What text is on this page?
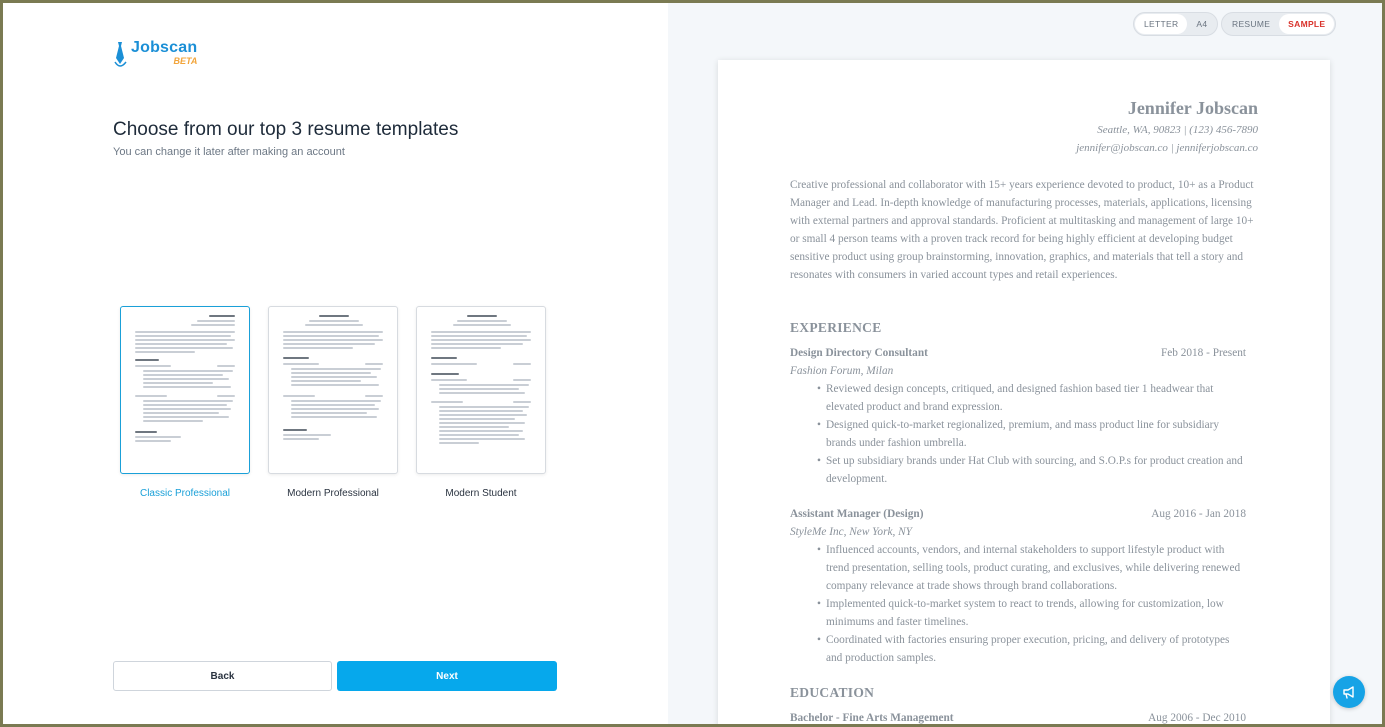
Jobscan
BETA
Choose from our top 3 resume templates
You can change it later after making an account
Classic Professional	Modern Professional	Modern Student
Back	Next
LETTER	A4	RESUME	SAMPLE
Jennifer Jobscan
Seattle, WA, 90823 | (123) 456-7890
jennifer@jobscan.co | jenniferjobscan.co
Creative professional and collaborator with 15+ years experience devoted to product, 10+ as a Product Manager and Lead. In-depth knowledge of manufacturing processes, materials, applications, licensing with external partners and approval standards. Proficient at multitasking and management of large 10+ or small 4 person teams with a proven track record for being highly efficient at developing budget sensitive product using group brainstorming, innovation, graphics, and materials that tell a story and resonates with consumers in varied account types and retail experiences.
EXPERIENCE
Design Directory Consultant	Feb 2018 - Present
Fashion Forum, Milan
• Reviewed design concepts, critiqued, and designed fashion based tier 1 headwear that elevated product and brand expression.
• Designed quick-to-market regionalized, premium, and mass product line for subsidiary brands under fashion umbrella.
• Set up subsidiary brands under Hat Club with sourcing, and S.O.P.s for product creation and development.
Assistant Manager (Design)	Aug 2016 - Jan 2018
StyleMe Inc, New York, NY
• Influenced accounts, vendors, and internal stakeholders to support lifestyle product with trend presentation, selling tools, product curating, and exclusives, while delivering renewed company relevance at trade shows through brand collaborations.
• Implemented quick-to-market system to react to trends, allowing for customization, low minimums and faster timelines.
• Coordinated with factories ensuring proper execution, pricing, and delivery of prototypes and production samples.
EDUCATION
Bachelor - Fine Arts Management	Aug 2006 - Dec 2010
